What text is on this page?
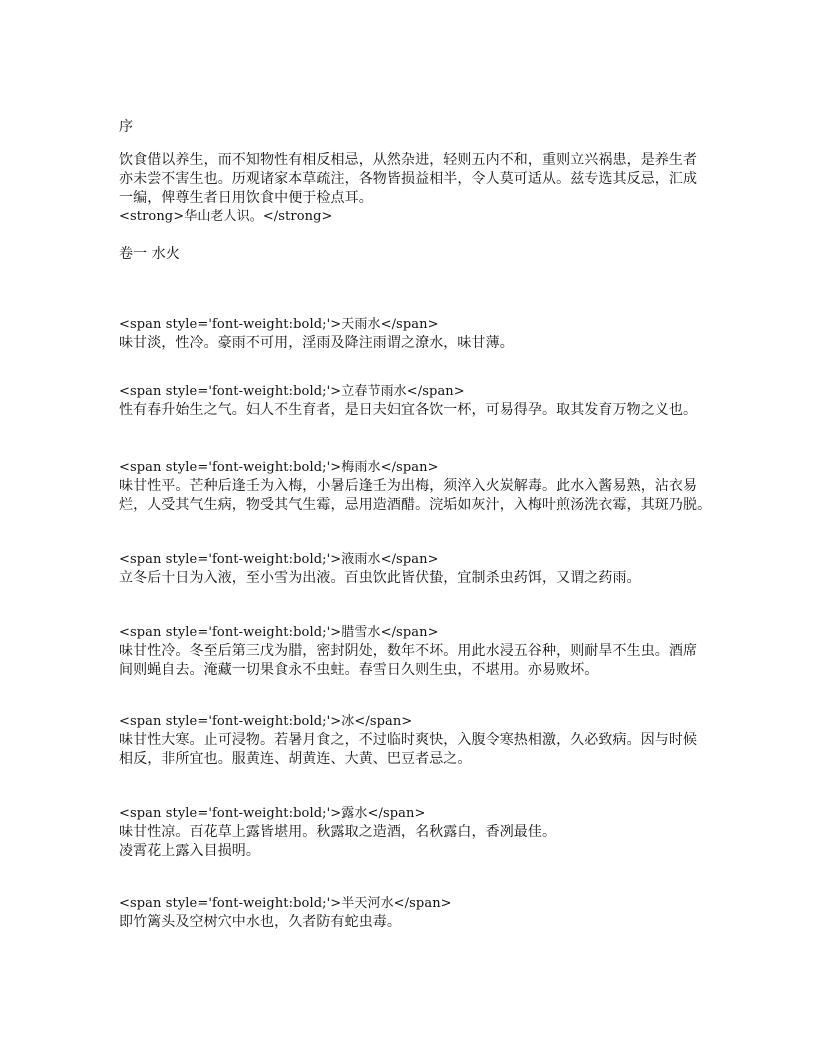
序
饮食借以养生，而不知物性有相反相忌，从然杂进，轻则五内不和，重则立兴祸患，是养生者
亦未尝不害生也。历观诸家本草疏注，各物皆损益相半，令人莫可适从。兹专选其反忌，汇成
一编，俾尊生者日用饮食中便于检点耳。
<strong>华山老人识。</strong>
卷一 水火
<span style='font-weight:bold;'>天雨水</span>
味甘淡，性冷。豪雨不可用，淫雨及降注雨谓之潦水，味甘薄。
<span style='font-weight:bold;'>立春节雨水</span>
性有春升始生之气。妇人不生育者，是日夫妇宜各饮一杯，可易得孕。取其发育万物之义也。
<span style='font-weight:bold;'>梅雨水</span>
味甘性平。芒种后逢壬为入梅，小暑后逢壬为出梅，须淬入火炭解毒。此水入酱易熟，沾衣易
烂，人受其气生病，物受其气生霉，忌用造酒醋。浣垢如灰汁，入梅叶煎汤洗衣霉，其斑乃脱。
<span style='font-weight:bold;'>液雨水</span>
立冬后十日为入液，至小雪为出液。百虫饮此皆伏蛰，宜制杀虫药饵，又谓之药雨。
<span style='font-weight:bold;'>腊雪水</span>
味甘性冷。冬至后第三戊为腊，密封阴处，数年不坏。用此水浸五谷种，则耐旱不生虫。酒席
间则蝇自去。淹藏一切果食永不虫蛀。春雪日久则生虫，不堪用。亦易败坏。
<span style='font-weight:bold;'>冰</span>
味甘性大寒。止可浸物。若暑月食之，不过临时爽快，入腹令寒热相激，久必致病。因与时候
相反，非所宜也。服黄连、胡黄连、大黄、巴豆者忌之。
<span style='font-weight:bold;'>露水</span>
味甘性凉。百花草上露皆堪用。秋露取之造酒，名秋露白，香冽最佳。
凌霄花上露入目损明。
<span style='font-weight:bold;'>半天河水</span>
即竹篱头及空树穴中水也，久者防有蛇虫毒。
